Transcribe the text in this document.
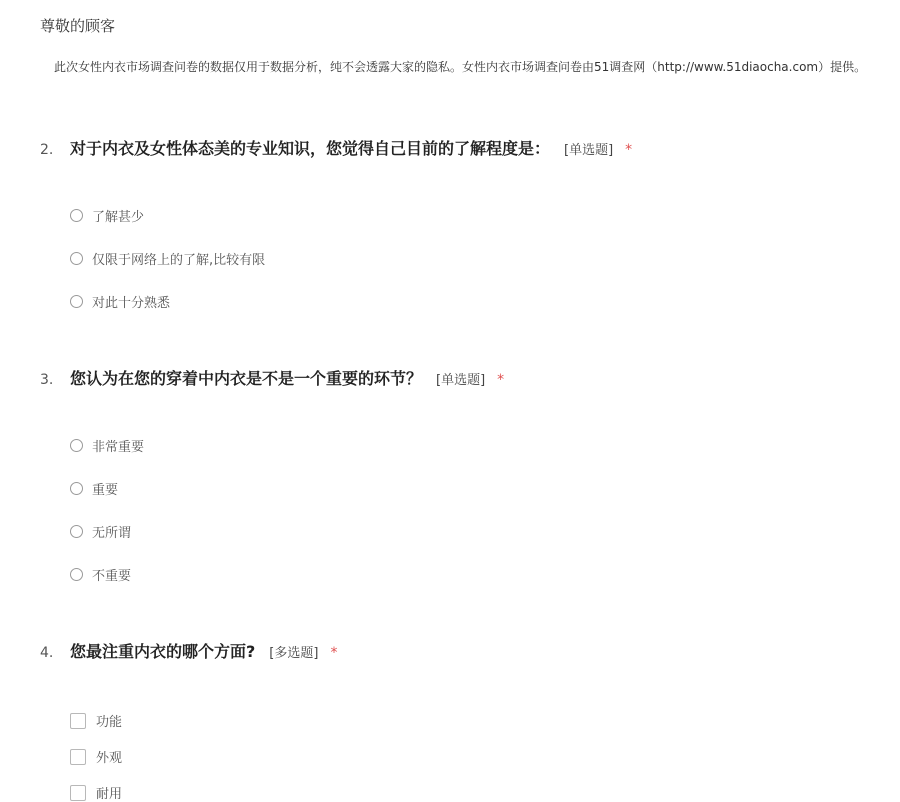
尊敬的顾客
此次女性内衣市场调查问卷的数据仅用于数据分析，纯不会透露大家的隐私。女性内衣市场调查问卷由51调查网（http://www.51diaocha.com）提供。
2.	对于内衣及女性体态美的专业知识，您觉得自己目前的了解程度是： [单选题] *
了解甚少
仅限于网络上的了解,比较有限
对此十分熟悉
3.	您认为在您的穿着中内衣是不是一个重要的环节？ [单选题] *
非常重要
重要
无所谓
不重要
4.	您最注重内衣的哪个方面? [多选题] *
功能
外观
耐用
